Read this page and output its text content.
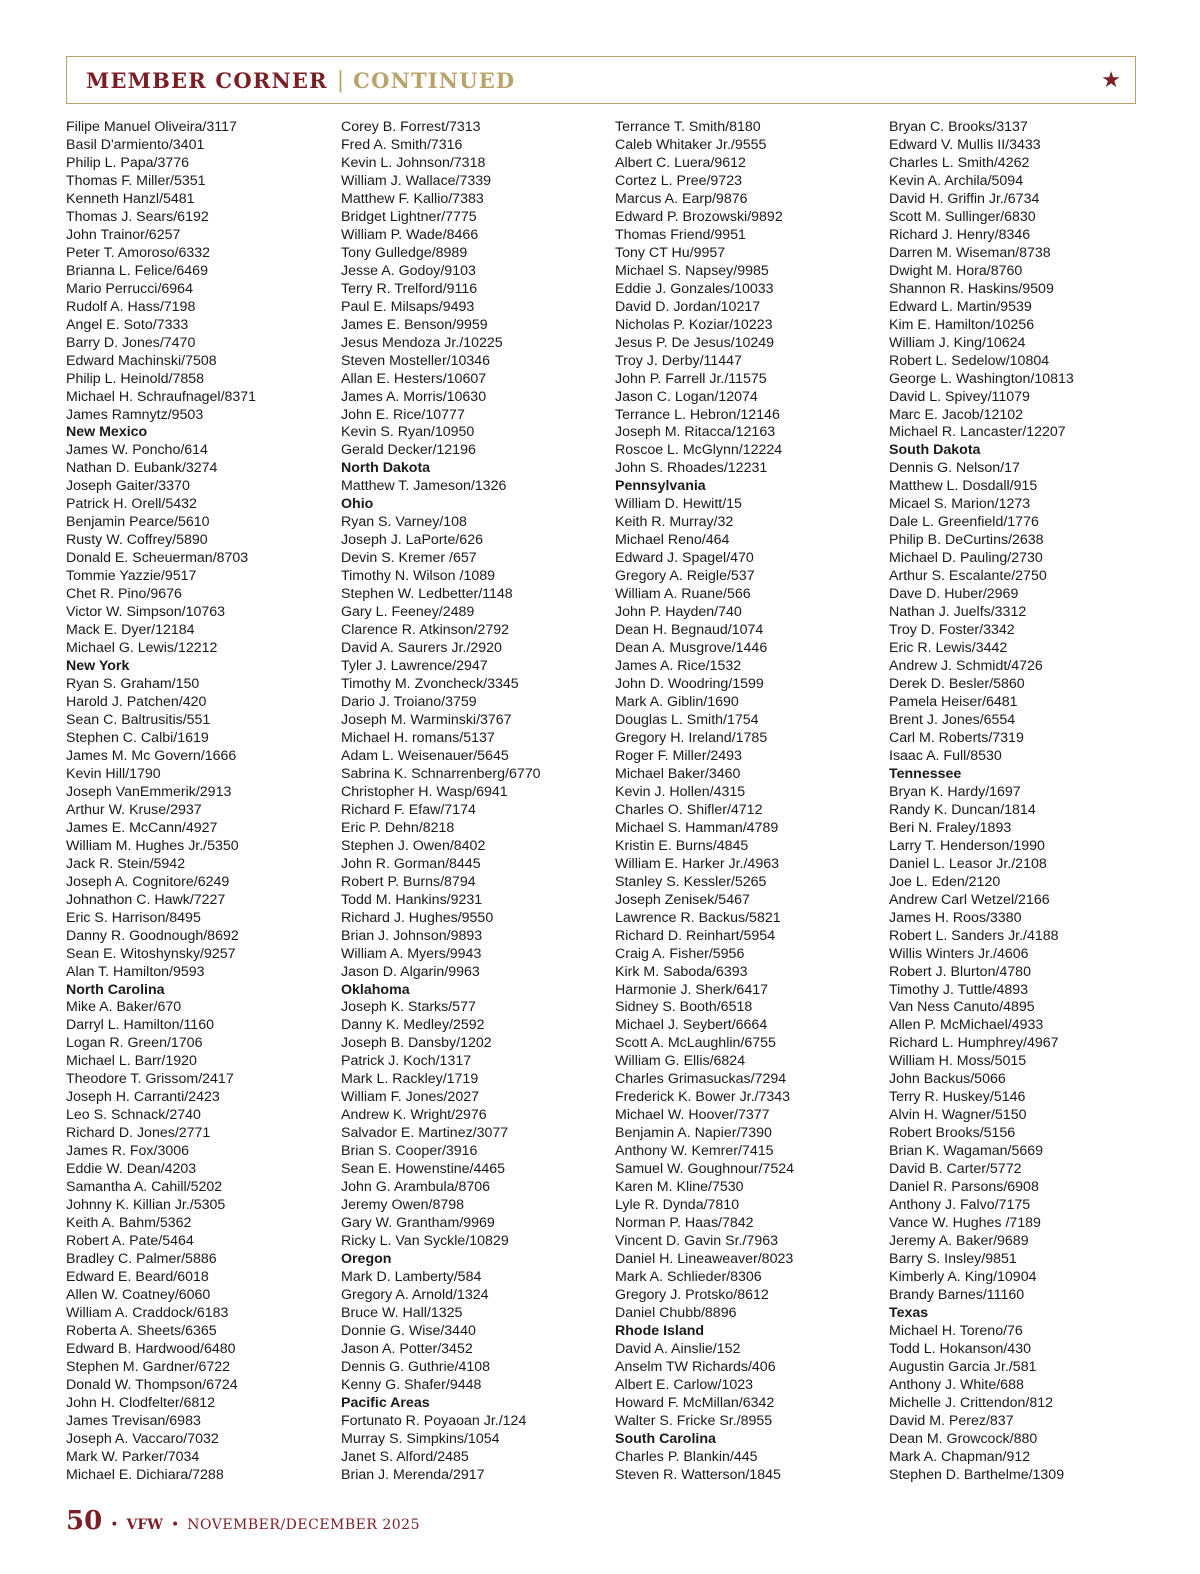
MEMBER CORNER | CONTINUED	★
Filipe Manuel Oliveira/3117
Basil D'armiento/3401
Philip L. Papa/3776
Thomas F. Miller/5351
Kenneth Hanzl/5481
Thomas J. Sears/6192
John Trainor/6257
Peter T. Amoroso/6332
Brianna L. Felice/6469
Mario Perrucci/6964
Rudolf A. Hass/7198
Angel E. Soto/7333
Barry D. Jones/7470
Edward Machinski/7508
Philip L. Heinold/7858
Michael H. Schraufnagel/8371
James Ramnytz/9503
New Mexico
James W. Poncho/614
Nathan D. Eubank/3274
Joseph Gaiter/3370
Patrick H. Orell/5432
Benjamin Pearce/5610
Rusty W. Coffrey/5890
Donald E. Scheuerman/8703
Tommie Yazzie/9517
Chet R. Pino/9676
Victor W. Simpson/10763
Mack E. Dyer/12184
Michael G. Lewis/12212
New York
Ryan S. Graham/150
Harold J. Patchen/420
Sean C. Baltrusitis/551
Stephen C. Calbi/1619
James M. Mc Govern/1666
Kevin Hill/1790
Joseph VanEmmerik/2913
Arthur W. Kruse/2937
James E. McCann/4927
William M. Hughes Jr./5350
Jack R. Stein/5942
Joseph A. Cognitore/6249
Johnathon C. Hawk/7227
Eric S. Harrison/8495
Danny R. Goodnough/8692
Sean E. Witoshynsky/9257
Alan T. Hamilton/9593
North Carolina
Mike A. Baker/670
Darryl L. Hamilton/1160
Logan R. Green/1706
Michael L. Barr/1920
Theodore T. Grissom/2417
Joseph H. Carranti/2423
Leo S. Schnack/2740
Richard D. Jones/2771
James R. Fox/3006
Eddie W. Dean/4203
Samantha A. Cahill/5202
Johnny K. Killian Jr./5305
Keith A. Bahm/5362
Robert A. Pate/5464
Bradley C. Palmer/5886
Edward E. Beard/6018
Allen W. Coatney/6060
William A. Craddock/6183
Roberta A. Sheets/6365
Edward B. Hardwood/6480
Stephen M. Gardner/6722
Donald W. Thompson/6724
John H. Clodfelter/6812
James Trevisan/6983
Joseph A. Vaccaro/7032
Mark W. Parker/7034
Michael E. Dichiara/7288
Corey B. Forrest/7313
Fred A. Smith/7316
Kevin L. Johnson/7318
William J. Wallace/7339
Matthew F. Kallio/7383
Bridget Lightner/7775
William P. Wade/8466
Tony Gulledge/8989
Jesse A. Godoy/9103
Terry R. Trelford/9116
Paul E. Milsaps/9493
James E. Benson/9959
Jesus Mendoza Jr./10225
Steven Mosteller/10346
Allan E. Hesters/10607
James A. Morris/10630
John E. Rice/10777
Kevin S. Ryan/10950
Gerald Decker/12196
North Dakota
Matthew T. Jameson/1326
Ohio
Ryan S. Varney/108
Joseph J. LaPorte/626
Devin S. Kremer /657
Timothy N. Wilson /1089
Stephen W. Ledbetter/1148
Gary L. Feeney/2489
Clarence R. Atkinson/2792
David A. Saurers Jr./2920
Tyler J. Lawrence/2947
Timothy M. Zvoncheck/3345
Dario J. Troiano/3759
Joseph M. Warminski/3767
Michael H. romans/5137
Adam L. Weisenauer/5645
Sabrina K. Schnarrenberg/6770
Christopher H. Wasp/6941
Richard F. Efaw/7174
Eric P. Dehn/8218
Stephen J. Owen/8402
John R. Gorman/8445
Robert P. Burns/8794
Todd M. Hankins/9231
Richard J. Hughes/9550
Brian J. Johnson/9893
William A. Myers/9943
Jason D. Algarin/9963
Oklahoma
Joseph K. Starks/577
Danny K. Medley/2592
Joseph B. Dansby/1202
Patrick J. Koch/1317
Mark L. Rackley/1719
William F. Jones/2027
Andrew K. Wright/2976
Salvador E. Martinez/3077
Brian S. Cooper/3916
Sean E. Howenstine/4465
John G. Arambula/8706
Jeremy Owen/8798
Gary W. Grantham/9969
Ricky L. Van Syckle/10829
Oregon
Mark D. Lamberty/584
Gregory A. Arnold/1324
Bruce W. Hall/1325
Donnie G. Wise/3440
Jason A. Potter/3452
Dennis G. Guthrie/4108
Kenny G. Shafer/9448
Pacific Areas
Fortunato R. Poyaoan Jr./124
Murray S. Simpkins/1054
Janet S. Alford/2485
Brian J. Merenda/2917
Terrance T. Smith/8180
Caleb Whitaker Jr./9555
Albert C. Luera/9612
Cortez L. Pree/9723
Marcus A. Earp/9876
Edward P. Brozowski/9892
Thomas Friend/9951
Tony CT Hu/9957
Michael S. Napsey/9985
Eddie J. Gonzales/10033
David D. Jordan/10217
Nicholas P. Koziar/10223
Jesus P. De Jesus/10249
Troy J. Derby/11447
John P. Farrell Jr./11575
Jason C. Logan/12074
Terrance L. Hebron/12146
Joseph M. Ritacca/12163
Roscoe L. McGlynn/12224
John S. Rhoades/12231
Pennsylvania
William D. Hewitt/15
Keith R. Murray/32
Michael Reno/464
Edward J. Spagel/470
Gregory A. Reigle/537
William A. Ruane/566
John P. Hayden/740
Dean H. Begnaud/1074
Dean A. Musgrove/1446
James A. Rice/1532
John D. Woodring/1599
Mark A. Giblin/1690
Douglas L. Smith/1754
Gregory H. Ireland/1785
Roger F. Miller/2493
Michael Baker/3460
Kevin J. Hollen/4315
Charles O. Shifler/4712
Michael S. Hamman/4789
Kristin E. Burns/4845
William E. Harker Jr./4963
Stanley S. Kessler/5265
Joseph Zenisek/5467
Lawrence R. Backus/5821
Richard D. Reinhart/5954
Craig A. Fisher/5956
Kirk M. Saboda/6393
Harmonie J. Sherk/6417
Sidney S. Booth/6518
Michael J. Seybert/6664
Scott A. McLaughlin/6755
William G. Ellis/6824
Charles Grimasuckas/7294
Frederick K. Bower Jr./7343
Michael W. Hoover/7377
Benjamin A. Napier/7390
Anthony W. Kemrer/7415
Samuel W. Goughnour/7524
Karen M. Kline/7530
Lyle R. Dynda/7810
Norman P. Haas/7842
Vincent D. Gavin Sr./7963
Daniel H. Lineaweaver/8023
Mark A. Schlieder/8306
Gregory J. Protsko/8612
Daniel Chubb/8896
Rhode Island
David A. Ainslie/152
Anselm TW Richards/406
Albert E. Carlow/1023
Howard F. McMillan/6342
Walter S. Fricke Sr./8955
South Carolina
Charles P. Blankin/445
Steven R. Watterson/1845
Bryan C. Brooks/3137
Edward V. Mullis II/3433
Charles L. Smith/4262
Kevin A. Archila/5094
David H. Griffin Jr./6734
Scott M. Sullinger/6830
Richard J. Henry/8346
Darren M. Wiseman/8738
Dwight M. Hora/8760
Shannon R. Haskins/9509
Edward L. Martin/9539
Kim E. Hamilton/10256
William J. King/10624
Robert L. Sedelow/10804
George L. Washington/10813
David L. Spivey/11079
Marc E. Jacob/12102
Michael R. Lancaster/12207
South Dakota
Dennis G. Nelson/17
Matthew L. Dosdall/915
Micael S. Marion/1273
Dale L. Greenfield/1776
Philip B. DeCurtins/2638
Michael D. Pauling/2730
Arthur S. Escalante/2750
Dave D. Huber/2969
Nathan J. Juelfs/3312
Troy D. Foster/3342
Eric R. Lewis/3442
Andrew J. Schmidt/4726
Derek D. Besler/5860
Pamela Heiser/6481
Brent J. Jones/6554
Carl M. Roberts/7319
Isaac A. Full/8530
Tennessee
Bryan K. Hardy/1697
Randy K. Duncan/1814
Beri N. Fraley/1893
Larry T. Henderson/1990
Daniel L. Leasor Jr./2108
Joe L. Eden/2120
Andrew Carl Wetzel/2166
James H. Roos/3380
Robert L. Sanders Jr./4188
Willis Winters Jr./4606
Robert J. Blurton/4780
Timothy J. Tuttle/4893
Van Ness Canuto/4895
Allen P. McMichael/4933
Richard L. Humphrey/4967
William H. Moss/5015
John Backus/5066
Terry R. Huskey/5146
Alvin H. Wagner/5150
Robert Brooks/5156
Brian K. Wagaman/5669
David B. Carter/5772
Daniel R. Parsons/6908
Anthony J. Falvo/7175
Vance W. Hughes /7189
Jeremy A. Baker/9689
Barry S. Insley/9851
Kimberly A. King/10904
Brandy Barnes/11160
Texas
Michael H. Toreno/76
Todd L. Hokanson/430
Augustin Garcia Jr./581
Anthony J. White/688
Michelle J. Crittendon/812
David M. Perez/837
Dean M. Growcock/880
Mark A. Chapman/912
Stephen D. Barthelme/1309
50 • VFW • NOVEMBER/DECEMBER 2025
